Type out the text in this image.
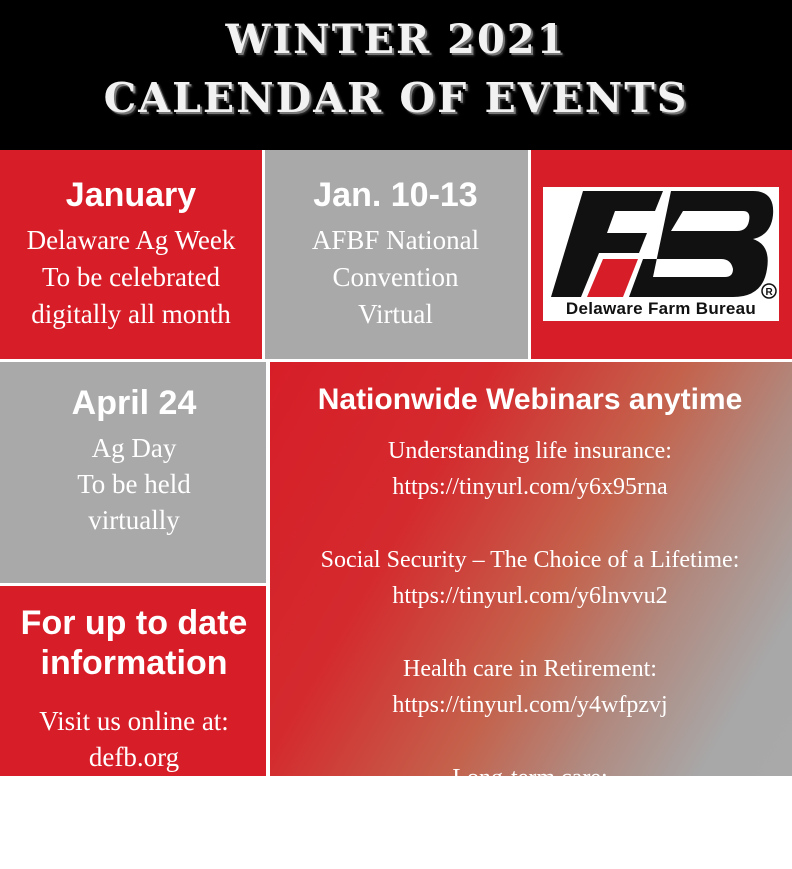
WINTER 2021
CALENDAR OF EVENTS
January
Delaware Ag Week
To be celebrated
digitally all month
Jan. 10-13
AFBF National
Convention
Virtual
R
Delaware Farm Bureau
April 24
Ag Day
To be held
virtually
For up to date
information
Visit us online at:
defb.org
Nationwide Webinars anytime
Understanding life insurance:
https://tinyurl.com/y6x95rna
Social Security – The Choice of a Lifetime:
https://tinyurl.com/y6lnvvu2
Health care in Retirement:
https://tinyurl.com/y4wfpzvj
Long-term care:
https://tinyurl.com/y37bw3ss
